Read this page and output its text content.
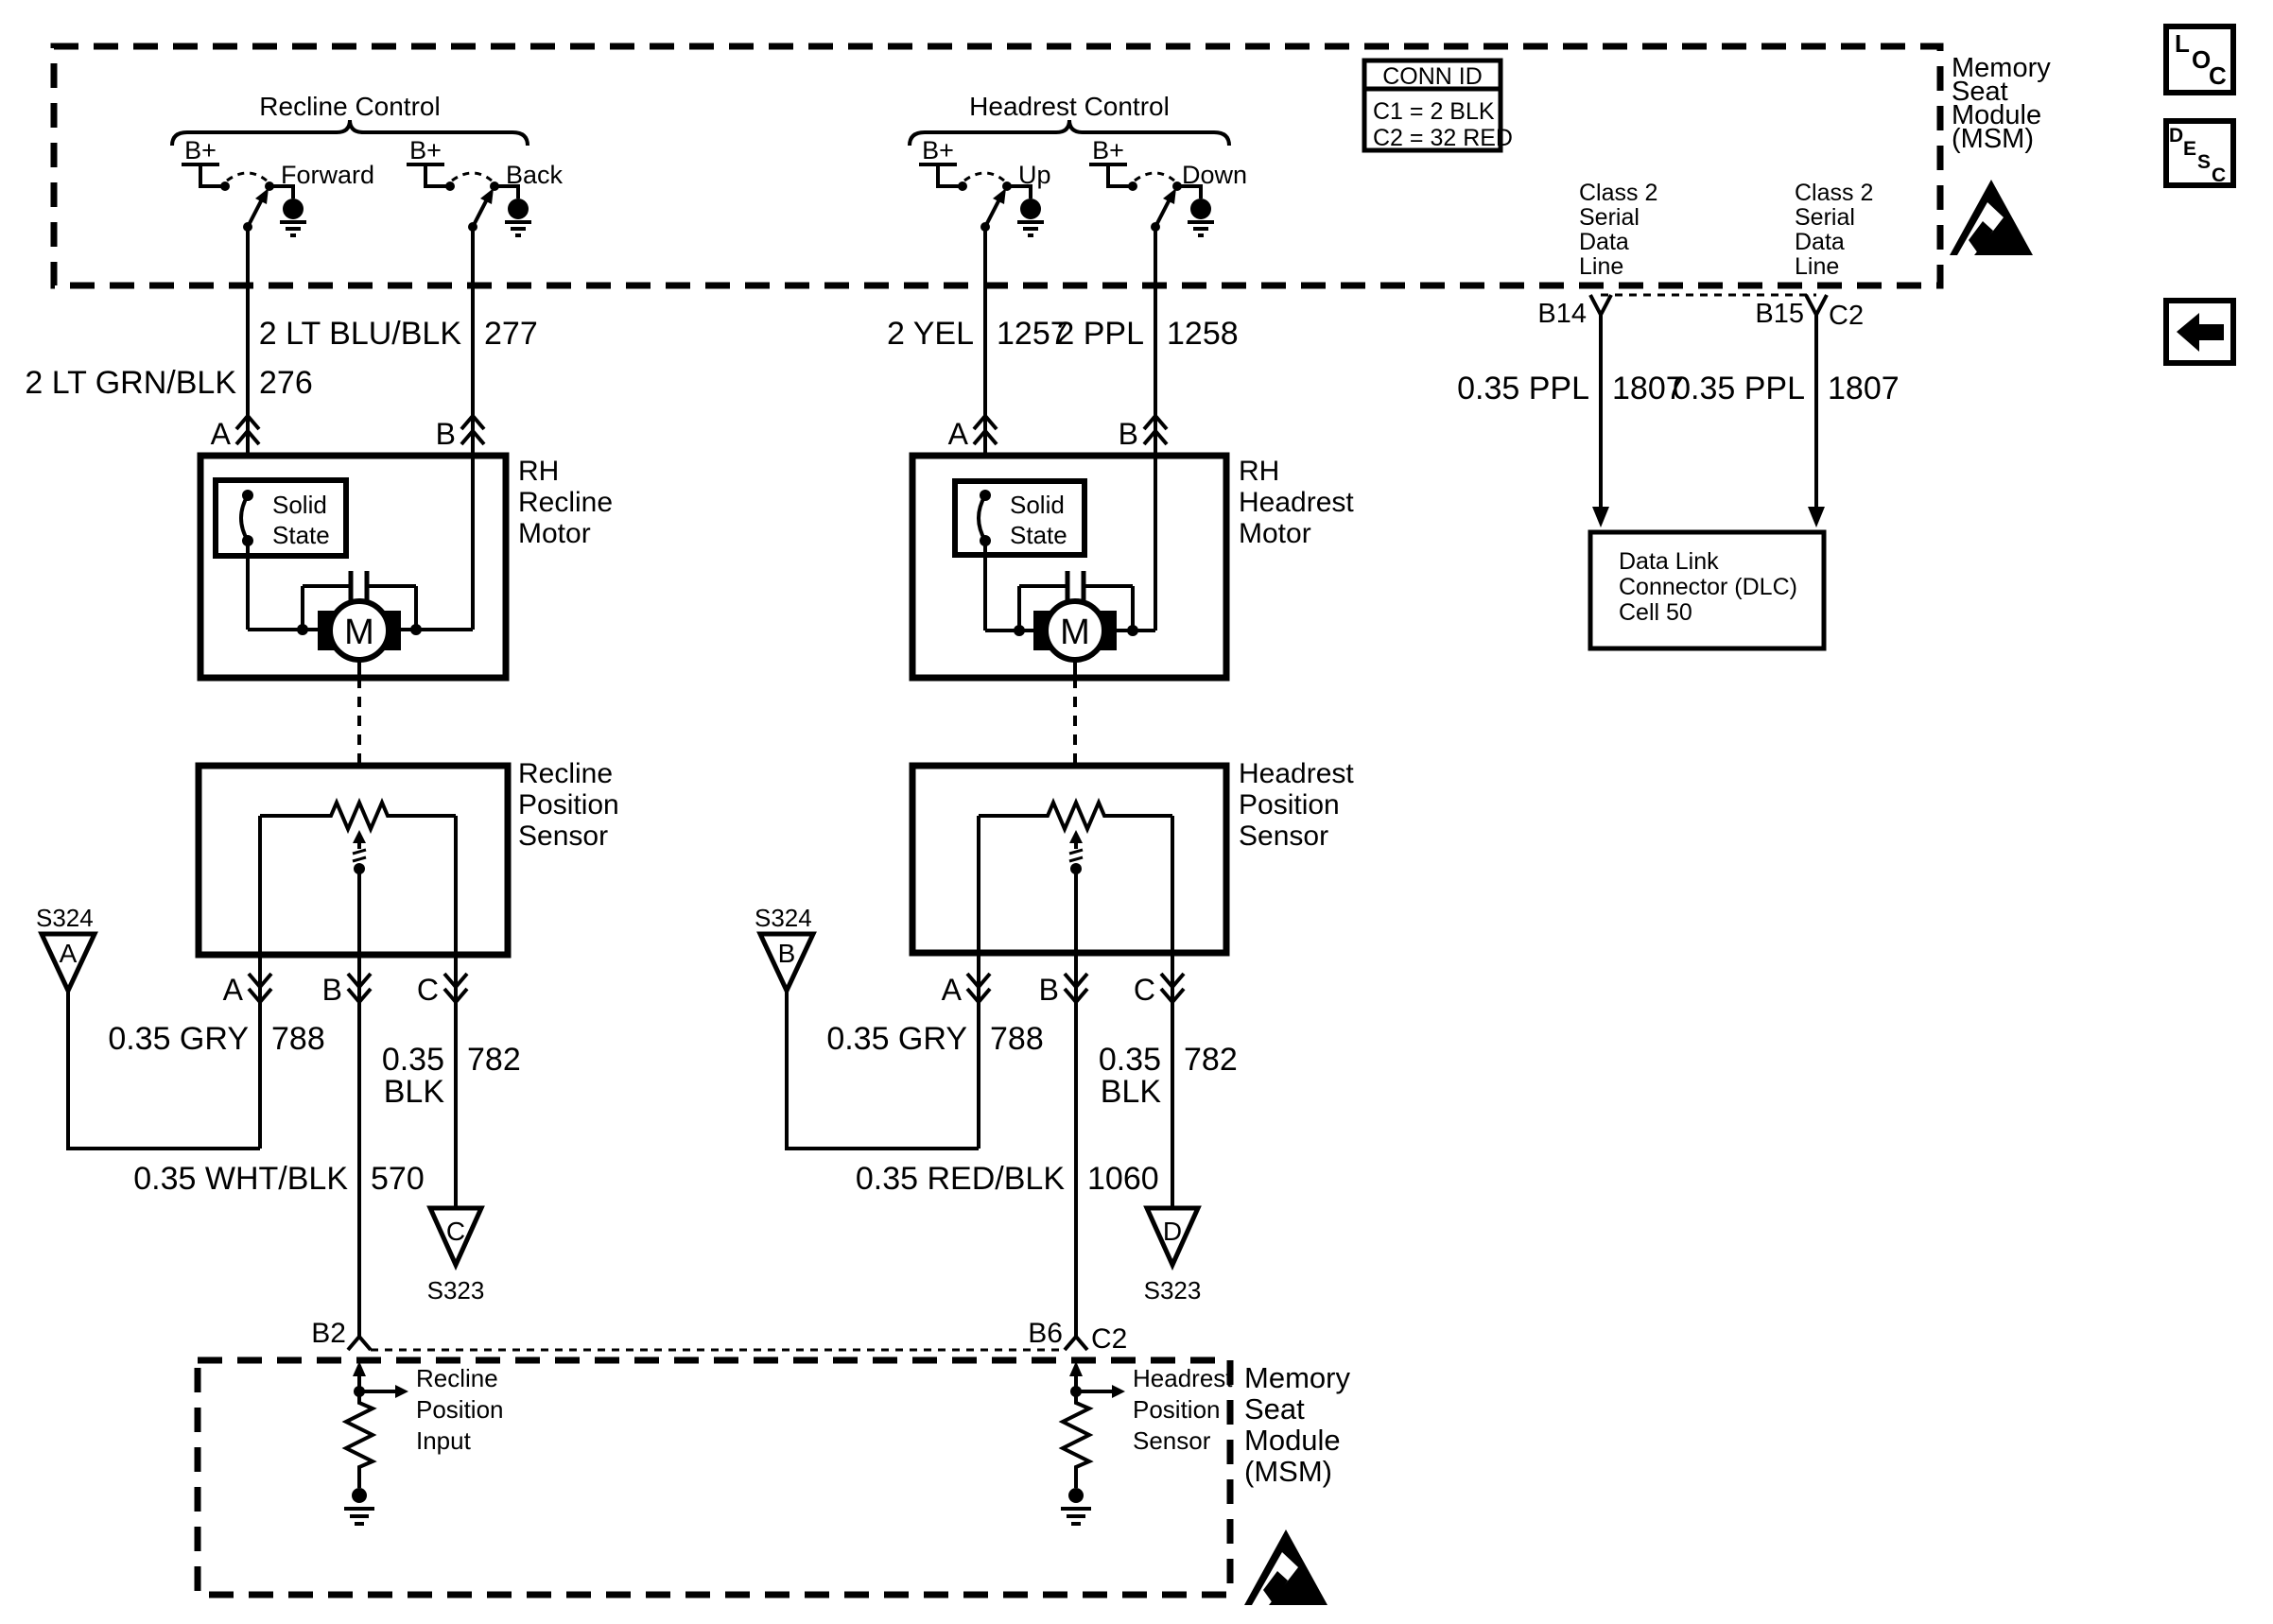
L
O
C
D
E
S
C
Recline Control	Headrest Control
B+	B+	B+	B+
Forward	Back	Up	Down
CONN ID
C1 = 2 BLK
C2 = 32 RED
Memory
Seat
Module
(MSM)
Class 2
Serial
Data
Line
Class 2
Serial
Data
Line
B14	B15 C2
0.35 PPL 1807
0.35 PPL 1807
Data Link
Connector (DLC)
Cell 50
2 LT BLU/BLK 277
2 LT GRN/BLK 276
2 YEL 1257
2 PPL 1258
A	B	A	B
RH
Recline
Motor
RH
Headrest
Motor
Solid
State
Solid
State
M	M
Recline
Position
Sensor
Headrest
Position
Sensor
A	B C	A	B C
S324
A
S324
B
0.35 GRY 788	0.35 GRY 788
0.35 782
BLK
0.35 782
BLK
0.35 WHT/BLK 570	0.35 RED/BLK 1060
C
S323
D
S323
B2	B6 C2
Recline
Position
Input
Headrest
Position
Sensor
Memory
Seat
Module
(MSM)
